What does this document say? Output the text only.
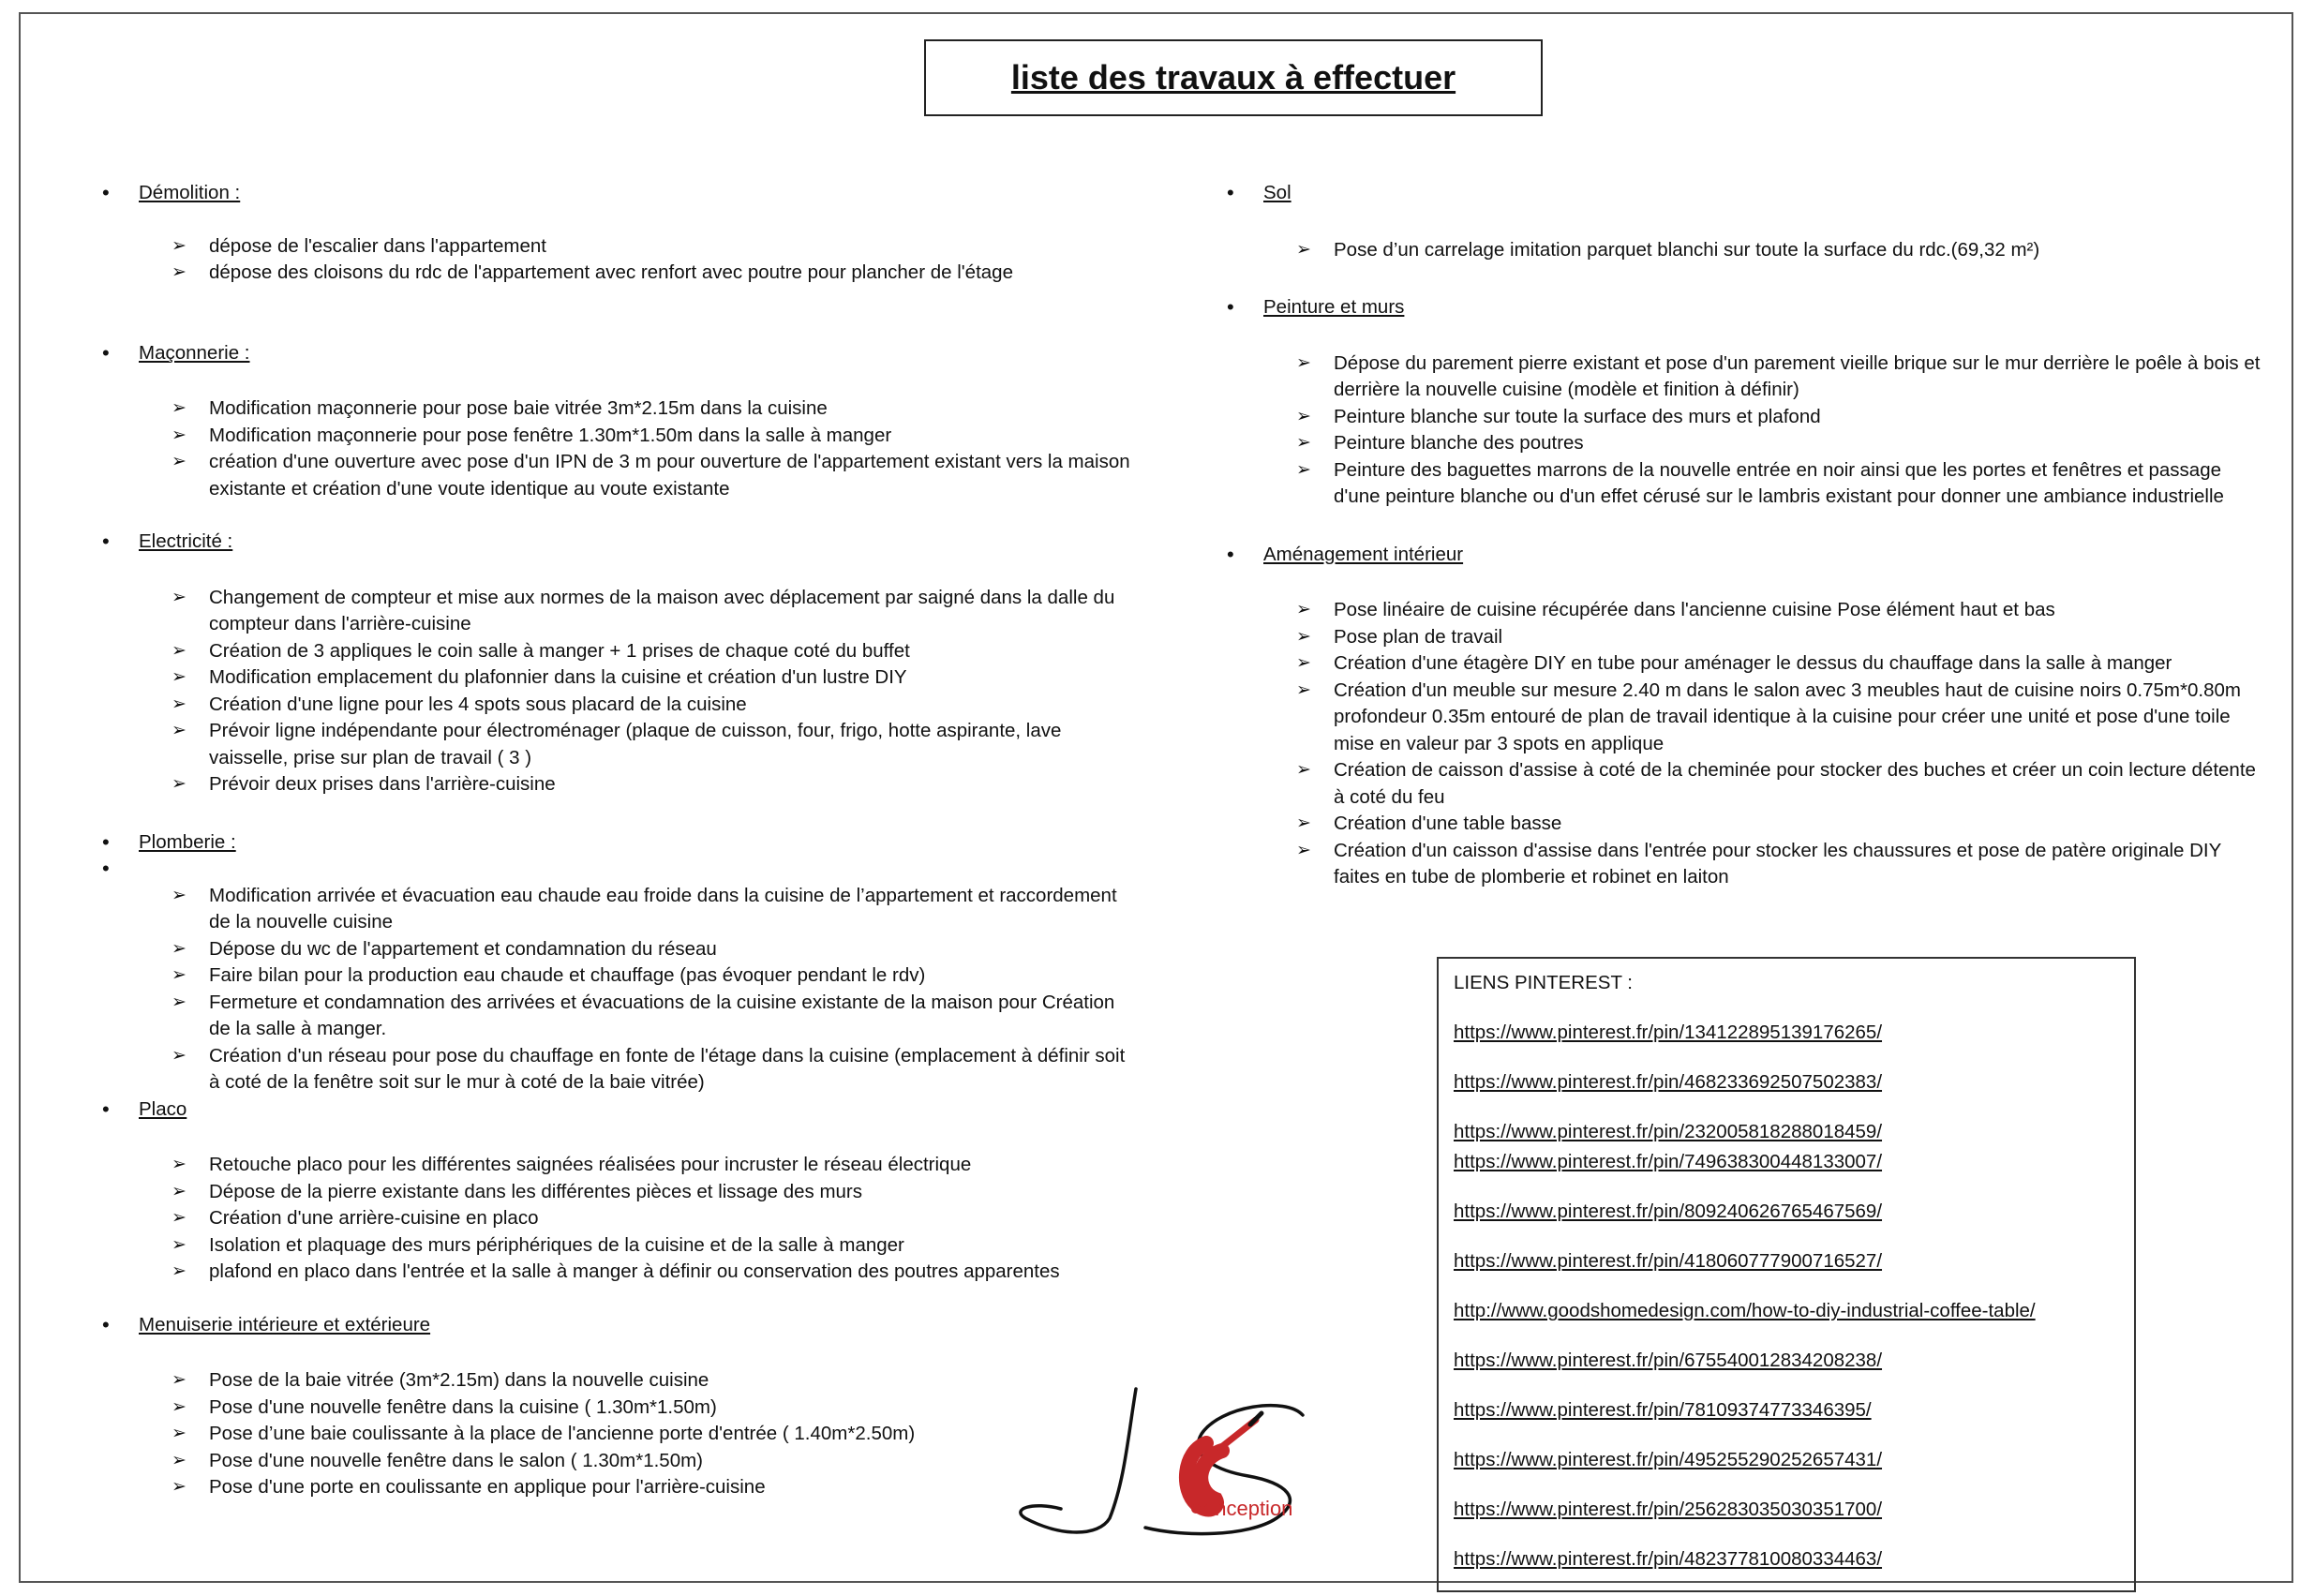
liste des travaux à effectuer
• Démolition :
➢ dépose de l'escalier dans l'appartement
➢ dépose des cloisons du rdc de l'appartement avec renfort avec poutre pour plancher de l'étage
• Maçonnerie :
➢ Modification maçonnerie pour pose baie vitrée 3m*2.15m dans la cuisine
➢ Modification maçonnerie pour pose fenêtre 1.30m*1.50m dans la salle à manger
➢ création d'une ouverture avec pose d'un IPN de 3 m pour ouverture de l'appartement existant vers la maison existante et création d'une voute identique au voute existante
• Electricité :
➢ Changement de compteur et mise aux normes de la maison avec déplacement par saigné dans la dalle du compteur dans l'arrière-cuisine
➢ Création de 3 appliques le coin salle à manger + 1 prises de chaque coté du buffet
➢ Modification emplacement du plafonnier dans la cuisine et création d'un lustre DIY
➢ Création d'une ligne pour les 4 spots sous placard de la cuisine
➢ Prévoir ligne indépendante pour électroménager (plaque de cuisson, four, frigo, hotte aspirante, lave vaisselle, prise sur plan de travail ( 3 )
➢ Prévoir deux prises dans l'arrière-cuisine
• Plomberie :
•
➢ Modification arrivée et évacuation eau chaude eau froide dans la cuisine de l’appartement et raccordement de la nouvelle cuisine
➢ Dépose du wc de l'appartement et condamnation du réseau
➢ Faire bilan pour la production eau chaude et chauffage (pas évoquer pendant le rdv)
➢ Fermeture et condamnation des arrivées et évacuations de la cuisine existante de la maison pour Création de la salle à manger.
➢ Création d'un réseau pour pose du chauffage en fonte de l'étage dans la cuisine (emplacement à définir soit à coté de la fenêtre soit sur le mur à coté de la baie vitrée)
• Placo
➢ Retouche placo pour les différentes saignées réalisées pour incruster le réseau électrique
➢ Dépose de la pierre existante dans les différentes pièces et lissage des murs
➢ Création d'une arrière-cuisine en placo
➢ Isolation et plaquage des murs périphériques de la cuisine et de la salle à manger
➢ plafond en placo dans l'entrée et la salle à manger à définir ou conservation des poutres apparentes
• Menuiserie intérieure et extérieure
➢ Pose de la baie vitrée (3m*2.15m) dans la nouvelle cuisine
➢ Pose d'une nouvelle fenêtre dans la cuisine ( 1.30m*1.50m)
➢ Pose d’une baie coulissante à la place de l'ancienne porte d'entrée ( 1.40m*2.50m)
➢ Pose d'une nouvelle fenêtre dans le salon ( 1.30m*1.50m)
➢ Pose d'une porte en coulissante en applique pour l'arrière-cuisine
• Sol
➢ Pose d’un carrelage imitation parquet blanchi sur toute la surface du rdc.(69,32 m²)
• Peinture et murs
➢ Dépose du parement pierre existant et pose d'un parement vieille brique sur le mur derrière le poêle à bois et derrière la nouvelle cuisine (modèle et finition à définir)
➢ Peinture blanche sur toute la surface des murs et plafond
➢ Peinture blanche des poutres
➢ Peinture des baguettes marrons de la nouvelle entrée en noir ainsi que les portes et fenêtres et passage d'une peinture blanche ou d'un effet cérusé sur le lambris existant pour donner une ambiance industrielle
• Aménagement intérieur
➢ Pose linéaire de cuisine récupérée dans l'ancienne cuisine Pose élément haut et bas
➢ Pose plan de travail
➢ Création d'une étagère DIY en tube pour aménager le dessus du chauffage dans la salle à manger
➢ Création d'un meuble sur mesure 2.40 m dans le salon avec 3 meubles haut de cuisine noirs 0.75m*0.80m profondeur 0.35m entouré de plan de travail identique à la cuisine pour créer une unité et pose d'une toile mise en valeur par 3 spots en applique
➢ Création de caisson d'assise à coté de la cheminée pour stocker des buches et créer un coin lecture détente à coté du feu
➢ Création d'une table basse
➢ Création d'un caisson d'assise dans l'entrée pour stocker les chaussures et pose de patère originale DIY faites en tube de plomberie et robinet en laiton
LIENS PINTEREST :
https://www.pinterest.fr/pin/134122895139176265/
https://www.pinterest.fr/pin/468233692507502383/
https://www.pinterest.fr/pin/232005818288018459/
https://www.pinterest.fr/pin/749638300448133007/
https://www.pinterest.fr/pin/809240626765467569/
https://www.pinterest.fr/pin/418060777900716527/
http://www.goodshomedesign.com/how-to-diy-industrial-coffee-table/
https://www.pinterest.fr/pin/675540012834208238/
https://www.pinterest.fr/pin/78109374773346395/
https://www.pinterest.fr/pin/495255290252657431/
https://www.pinterest.fr/pin/256283035030351700/
https://www.pinterest.fr/pin/482377810080334463/
onception
